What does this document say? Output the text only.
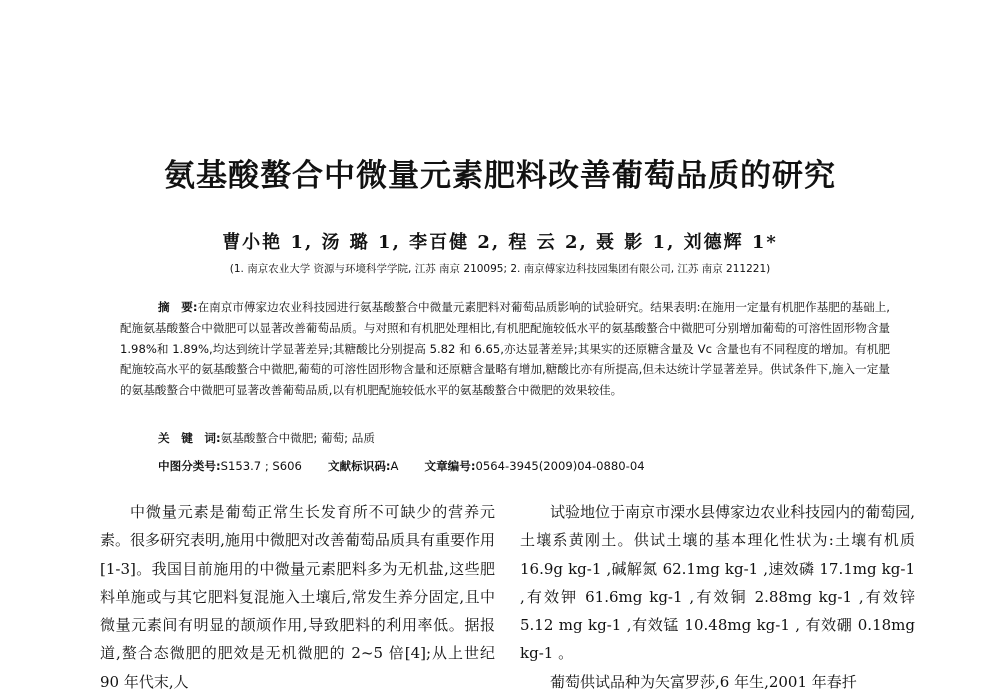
氨基酸螯合中微量元素肥料改善葡萄品质的研究
曹小艳 1, 汤 璐 1, 李百健 2, 程 云 2, 聂 影 1, 刘德辉 1*
(1. 南京农业大学 资源与环境科学学院, 江苏 南京 210095; 2. 南京傅家边科技园集团有限公司, 江苏 南京 211221)
摘　要:在南京市傅家边农业科技园进行氨基酸螯合中微量元素肥料对葡萄品质影响的试验研究。结果表明:在施用一定量有机肥作基肥的基础上,配施氨基酸螯合中微肥可以显著改善葡萄品质。与对照和有机肥处理相比,有机肥配施较低水平的氨基酸螯合中微肥可分别增加葡萄的可溶性固形物含量 1.98%和 1.89%,均达到统计学显著差异;其糖酸比分别提高 5.82 和 6.65,亦达显著差异;其果实的还原糖含量及 Vc 含量也有不同程度的增加。有机肥配施较高水平的氨基酸螯合中微肥,葡萄的可溶性固形物含量和还原糖含量略有增加,糖酸比亦有所提高,但未达统计学显著差异。供试条件下,施入一定量的氨基酸螯合中微肥可显著改善葡萄品质,以有机肥配施较低水平的氨基酸螯合中微肥的效果较佳。
关　键　词:氨基酸螯合中微肥; 葡萄; 品质
中图分类号:S153.7 ; S606 文献标识码:A 文章编号:0564-3945(2009)04-0880-04

中微量元素是葡萄正常生长发育所不可缺少的营养元素。很多研究表明,施用中微肥对改善葡萄品质具有重要作用[1-3]。我国目前施用的中微量元素肥料多为无机盐,这些肥料单施或与其它肥料复混施入土壤后,常发生养分固定,且中微量元素间有明显的颉颃作用,导致肥料的利用率低。据报道,螯合态微肥的肥效是无机微肥的 2~5 倍[4];从上世纪 90 年代末,人

试验地位于南京市溧水县傅家边农业科技园内的葡萄园,土壤系黄刚土。供试土壤的基本理化性状为:土壤有机质 16.9g kg-1 ,碱解氮 62.1mg kg-1 ,速效磷 17.1mg kg-1 ,有效钾 61.6mg kg-1 ,有效铜 2.88mg kg-1 ,有效锌 5.12 mg kg-1 ,有效锰 10.48mg kg-1 , 有效硼 0.18mg kg-1 。

葡萄供试品种为矢富罗莎,6 年生,2001 年春扦
